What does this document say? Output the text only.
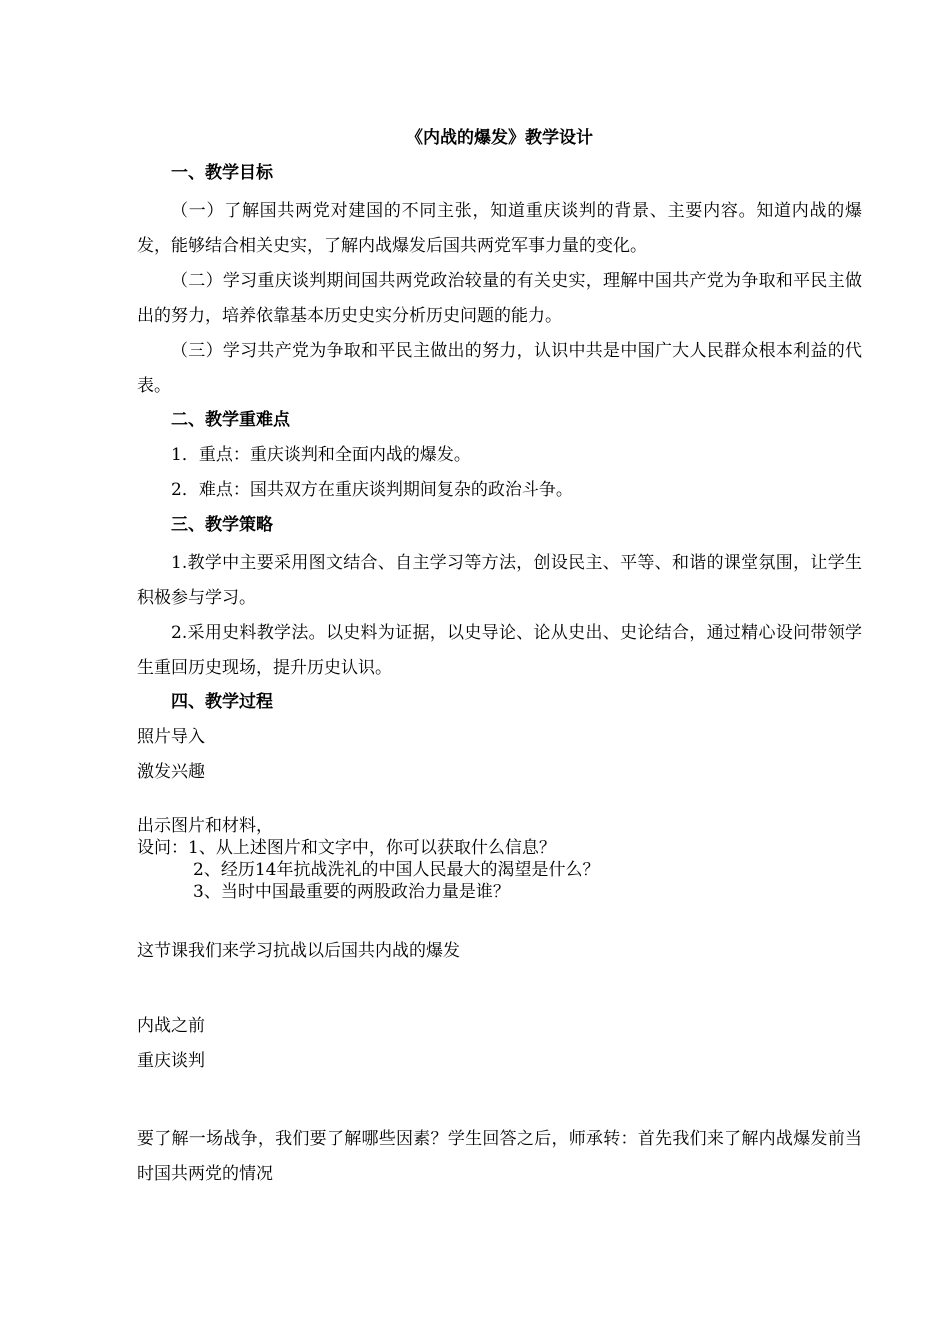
《内战的爆发》教学设计
一、教学目标

（一）了解国共两党对建国的不同主张，知道重庆谈判的背景、主要内容。知道内战的爆发，能够结合相关史实，了解内战爆发后国共两党军事力量的变化。

（二）学习重庆谈判期间国共两党政治较量的有关史实，理解中国共产党为争取和平民主做出的努力，培养依靠基本历史史实分析历史问题的能力。

（三）学习共产党为争取和平民主做出的努力，认识中共是中国广大人民群众根本利益的代表。

二、教学重难点
1．重点：重庆谈判和全面内战的爆发。
2．难点：国共双方在重庆谈判期间复杂的政治斗争。
三、教学策略

1.教学中主要采用图文结合、自主学习等方法，创设民主、平等、和谐的课堂氛围，让学生积极参与学习。

2.采用史料教学法。以史料为证据，以史导论、论从史出、史论结合，通过精心设问带领学生重回历史现场，提升历史认识。

四、教学过程
照片导入
激发兴趣
出示图片和材料，
设问：1、从上述图片和文字中，你可以获取什么信息？
2、经历14年抗战洗礼的中国人民最大的渴望是什么？
3、当时中国最重要的两股政治力量是谁？
这节课我们来学习抗战以后国共内战的爆发
内战之前
重庆谈判

要了解一场战争，我们要了解哪些因素？学生回答之后，师承转：首先我们来了解内战爆发前当时国共两党的情况
